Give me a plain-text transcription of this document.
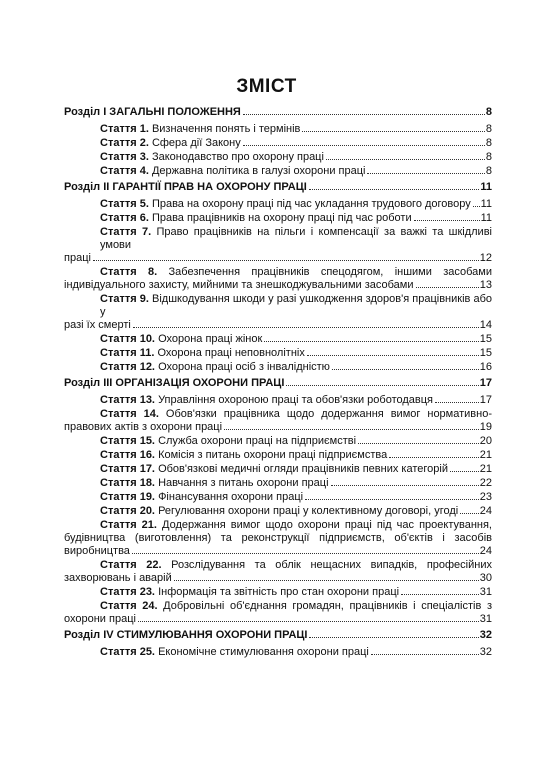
ЗМІСТ
Розділ І ЗАГАЛЬНІ ПОЛОЖЕННЯ	8
Стаття 1. Визначення понять і термінів	8
Стаття 2. Сфера дії Закону	8
Стаття 3. Законодавство про охорону праці	8
Стаття 4. Державна політика в галузі охорони праці	8
Розділ ІІ ГАРАНТІЇ ПРАВ НА ОХОРОНУ ПРАЦІ	11
Стаття 5. Права на охорону праці під час укладання трудового договору 11
Стаття 6. Права працівників на охорону праці під час роботи	11
Стаття 7. Право працівників на пільги і компенсації за важкі та шкідливі умови
праці	12
Стаття 8. Забезпечення працівників спецодягом, іншими засобами
індивідуального захисту, мийними та знешкоджувальними засобами	13
Стаття 9. Відшкодування шкоди у разі ушкодження здоров'я працівників або у
разі їх смерті	14
Стаття 10. Охорона праці жінок	15
Стаття 11. Охорона праці неповнолітніх	15
Стаття 12. Охорона праці осіб з інвалідністю	16
Розділ ІІІ ОРГАНІЗАЦІЯ ОХОРОНИ ПРАЦІ	17
Стаття 13. Управління охороною праці та обов'язки роботодавця	17
Стаття 14. Обов'язки працівника щодо додержання вимог нормативно-
правових актів з охорони праці	19
Стаття 15. Служба охорони праці на підприємстві	20
Стаття 16. Комісія з питань охорони праці підприємства	21
Стаття 17. Обов'язкові медичні огляди працівників певних категорій	21
Стаття 18. Навчання з питань охорони праці	22
Стаття 19. Фінансування охорони праці	23
Стаття 20. Регулювання охорони праці у колективному договорі, угоді 24
Стаття 21. Додержання вимог щодо охорони праці під час проектування,
будівництва (виготовлення) та реконструкції підприємств, об'єктів і засобів
виробництва	24
Стаття 22. Розслідування та облік нещасних випадків, професійних
захворювань і аварій	30
Стаття 23. Інформація та звітність про стан охорони праці	31
Стаття 24. Добровільні об'єднання громадян, працівників і спеціалістів з
охорони праці	31
Розділ IV СТИМУЛЮВАННЯ ОХОРОНИ ПРАЦІ	32
Стаття 25. Економічне стимулювання охорони праці	32
